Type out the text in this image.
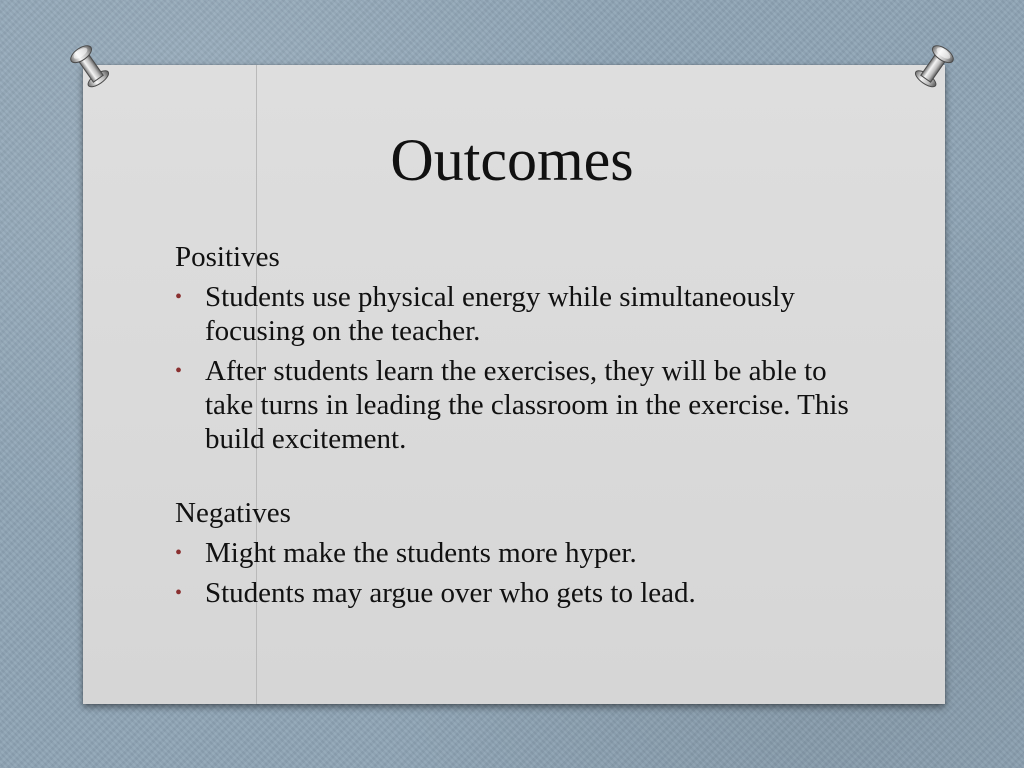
Outcomes
Positives
• Students use physical energy while simultaneously focusing on the teacher.
• After students learn the exercises, they will be able to take turns in leading the classroom in the exercise. This build excitement.
Negatives
• Might make the students more hyper.
• Students may argue over who gets to lead.
